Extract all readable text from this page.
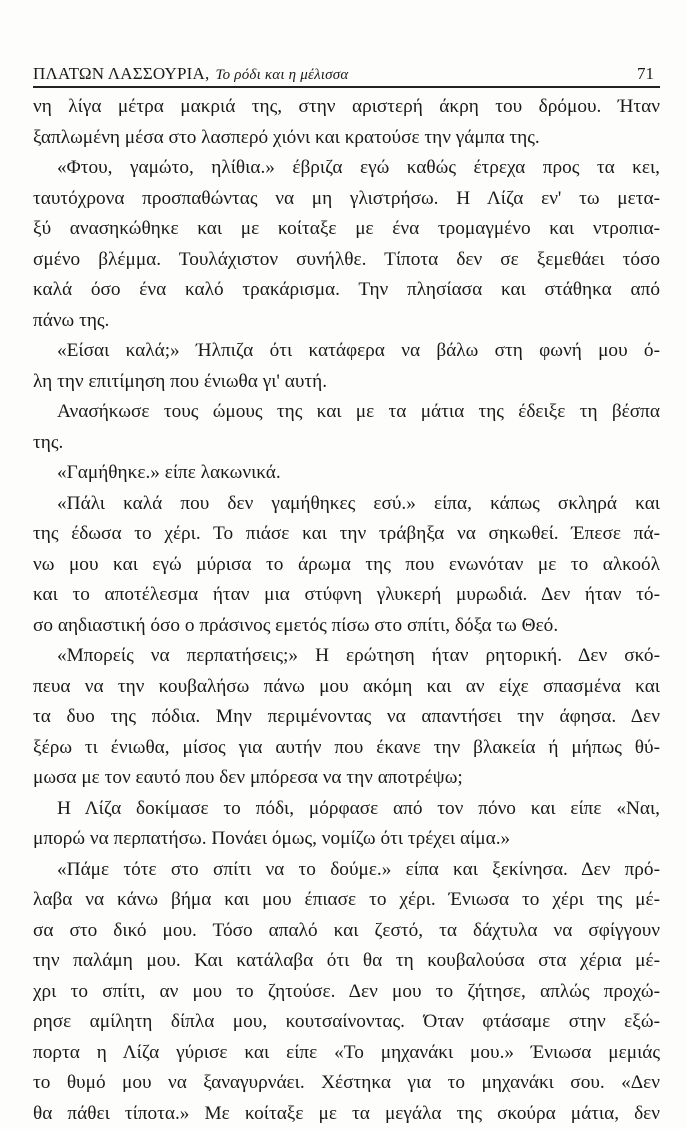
ΠΛΑΤΩΝ ΛΑΣΣΟΥΡΙΑ, Το ρόδι και η μέλισσα	71
νη λίγα μέτρα μακριά της, στην αριστερή άκρη του δρόμου. Ήταν
ξαπλωμένη μέσα στο λασπερό χιόνι και κρατούσε την γάμπα της.
«Φτου, γαμώτο, ηλίθια.» έβριζα εγώ καθώς έτρεχα προς τα κει,
ταυτόχρονα προσπαθώντας να μη γλιστρήσω. Η Λίζα εν' τω μετα-
ξύ ανασηκώθηκε και με κοίταξε με ένα τρομαγμένο και ντροπια-
σμένο βλέμμα. Τουλάχιστον συνήλθε. Τίποτα δεν σε ξεμεθάει τόσο
καλά όσο ένα καλό τρακάρισμα. Την πλησίασα και στάθηκα από
πάνω της.
«Είσαι καλά;» Ήλπιζα ότι κατάφερα να βάλω στη φωνή μου ό-
λη την επιτίμηση που ένιωθα γι' αυτή.
Ανασήκωσε τους ώμους της και με τα μάτια της έδειξε τη βέσπα
της.
«Γαμήθηκε.» είπε λακωνικά.
«Πάλι καλά που δεν γαμήθηκες εσύ.» είπα, κάπως σκληρά και
της έδωσα το χέρι. Το πιάσε και την τράβηξα να σηκωθεί. Έπεσε πά-
νω μου και εγώ μύρισα το άρωμα της που ενωνόταν με το αλκοόλ
και το αποτέλεσμα ήταν μια στύφνη γλυκερή μυρωδιά. Δεν ήταν τό-
σο αηδιαστική όσο ο πράσινος εμετός πίσω στο σπίτι, δόξα τω Θεό.
«Μπορείς να περπατήσεις;» Η ερώτηση ήταν ρητορική. Δεν σκό-
πευα να την κουβαλήσω πάνω μου ακόμη και αν είχε σπασμένα και
τα δυο της πόδια. Μην περιμένοντας να απαντήσει την άφησα. Δεν
ξέρω τι ένιωθα, μίσος για αυτήν που έκανε την βλακεία ή μήπως θύ-
μωσα με τον εαυτό που δεν μπόρεσα να την αποτρέψω;
Η Λίζα δοκίμασε το πόδι, μόρφασε από τον πόνο και είπε «Ναι,
μπορώ να περπατήσω. Πονάει όμως, νομίζω ότι τρέχει αίμα.»
«Πάμε τότε στο σπίτι να το δούμε.» είπα και ξεκίνησα. Δεν πρό-
λαβα να κάνω βήμα και μου έπιασε το χέρι. Ένιωσα το χέρι της μέ-
σα στο δικό μου. Τόσο απαλό και ζεστό, τα δάχτυλα να σφίγγουν
την παλάμη μου. Και κατάλαβα ότι θα τη κουβαλούσα στα χέρια μέ-
χρι το σπίτι, αν μου το ζητούσε. Δεν μου το ζήτησε, απλώς προχώ-
ρησε αμίλητη δίπλα μου, κουτσαίνοντας. Όταν φτάσαμε στην εξώ-
πορτα η Λίζα γύρισε και είπε «Το μηχανάκι μου.» Ένιωσα μεμιάς
το θυμό μου να ξαναγυρνάει. Χέστηκα για το μηχανάκι σου. «Δεν
θα πάθει τίποτα.» Με κοίταξε με τα μεγάλα της σκούρα μάτια, δεν
